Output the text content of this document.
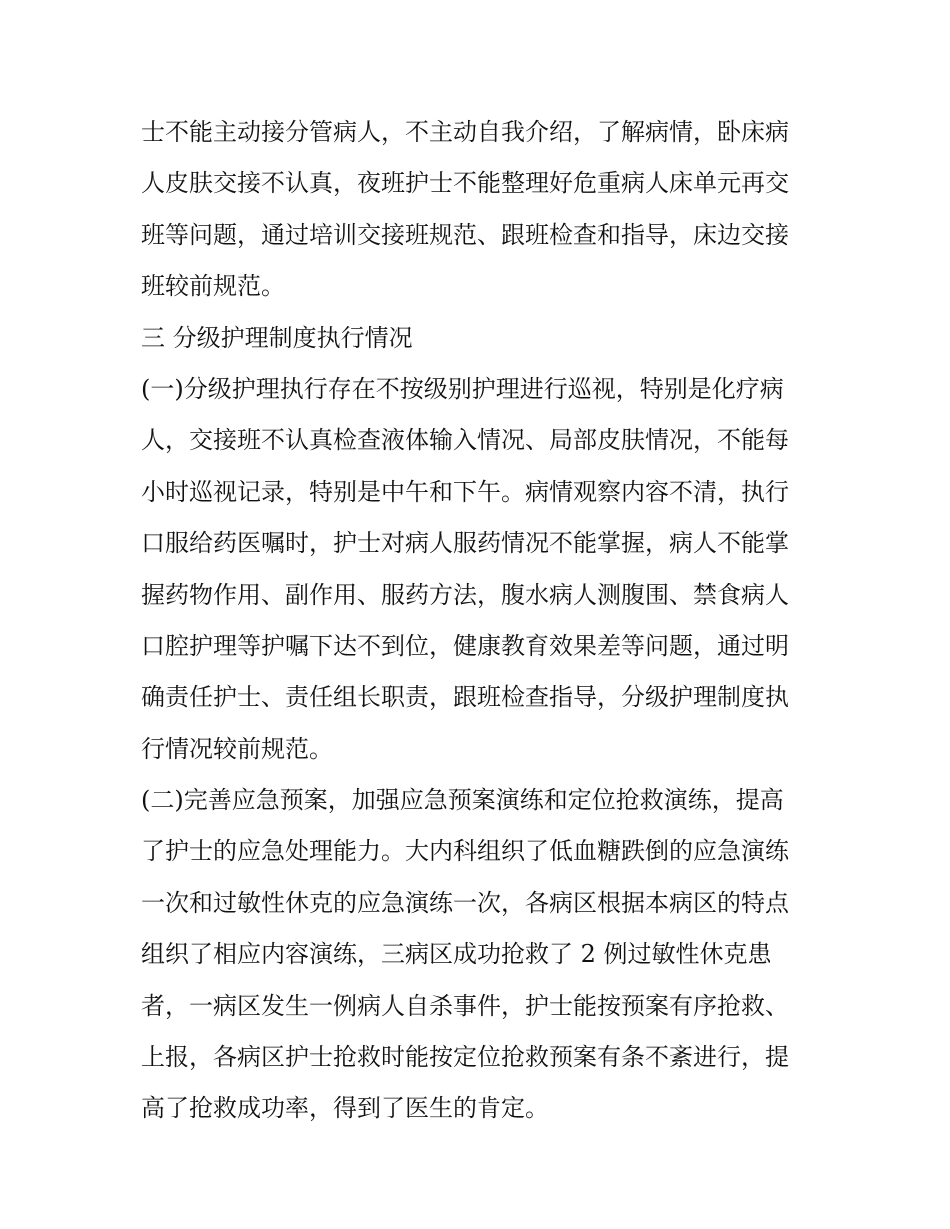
士不能主动接分管病人，不主动自我介绍，了解病情，卧床病
人皮肤交接不认真，夜班护士不能整理好危重病人床单元再交
班等问题，通过培训交接班规范、跟班检查和指导，床边交接
班较前规范。
三 分级护理制度执行情况
(一)分级护理执行存在不按级别护理进行巡视，特别是化疗病
人，交接班不认真检查液体输入情况、局部皮肤情况，不能每
小时巡视记录，特别是中午和下午。病情观察内容不清，执行
口服给药医嘱时，护士对病人服药情况不能掌握，病人不能掌
握药物作用、副作用、服药方法，腹水病人测腹围、禁食病人
口腔护理等护嘱下达不到位，健康教育效果差等问题，通过明
确责任护士、责任组长职责，跟班检查指导，分级护理制度执
行情况较前规范。
(二)完善应急预案，加强应急预案演练和定位抢救演练，提高
了护士的应急处理能力。大内科组织了低血糖跌倒的应急演练
一次和过敏性休克的应急演练一次，各病区根据本病区的特点
组织了相应内容演练，三病区成功抢救了 2 例过敏性休克患
者，一病区发生一例病人自杀事件，护士能按预案有序抢救、
上报，各病区护士抢救时能按定位抢救预案有条不紊进行，提
高了抢救成功率，得到了医生的肯定。
